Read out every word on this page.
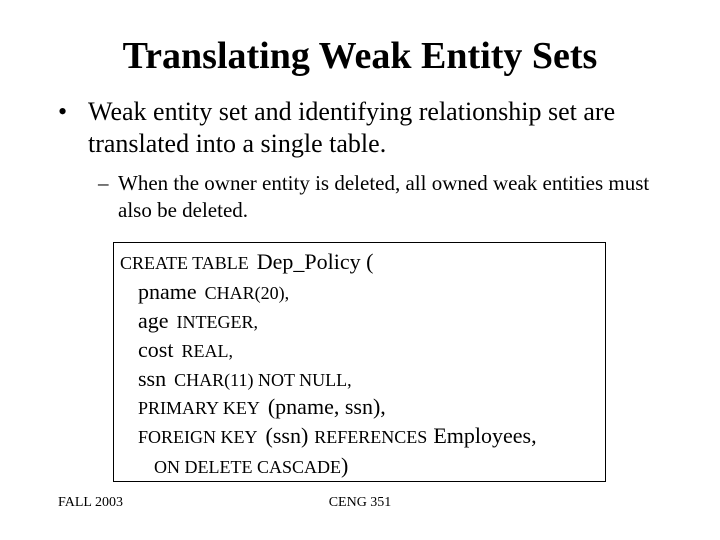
Translating Weak Entity Sets
• Weak entity set and identifying relationship set are translated into a single table.
– When the owner entity is deleted, all owned weak entities must also be deleted.
CREATE TABLE Dep_Policy (
pname CHAR(20),
age INTEGER,
cost REAL,
ssn CHAR(11) NOT NULL,
PRIMARY KEY (pname, ssn),
FOREIGN KEY (ssn) REFERENCES Employees,
ON DELETE CASCADE)
FALL 2003	CENG 351
